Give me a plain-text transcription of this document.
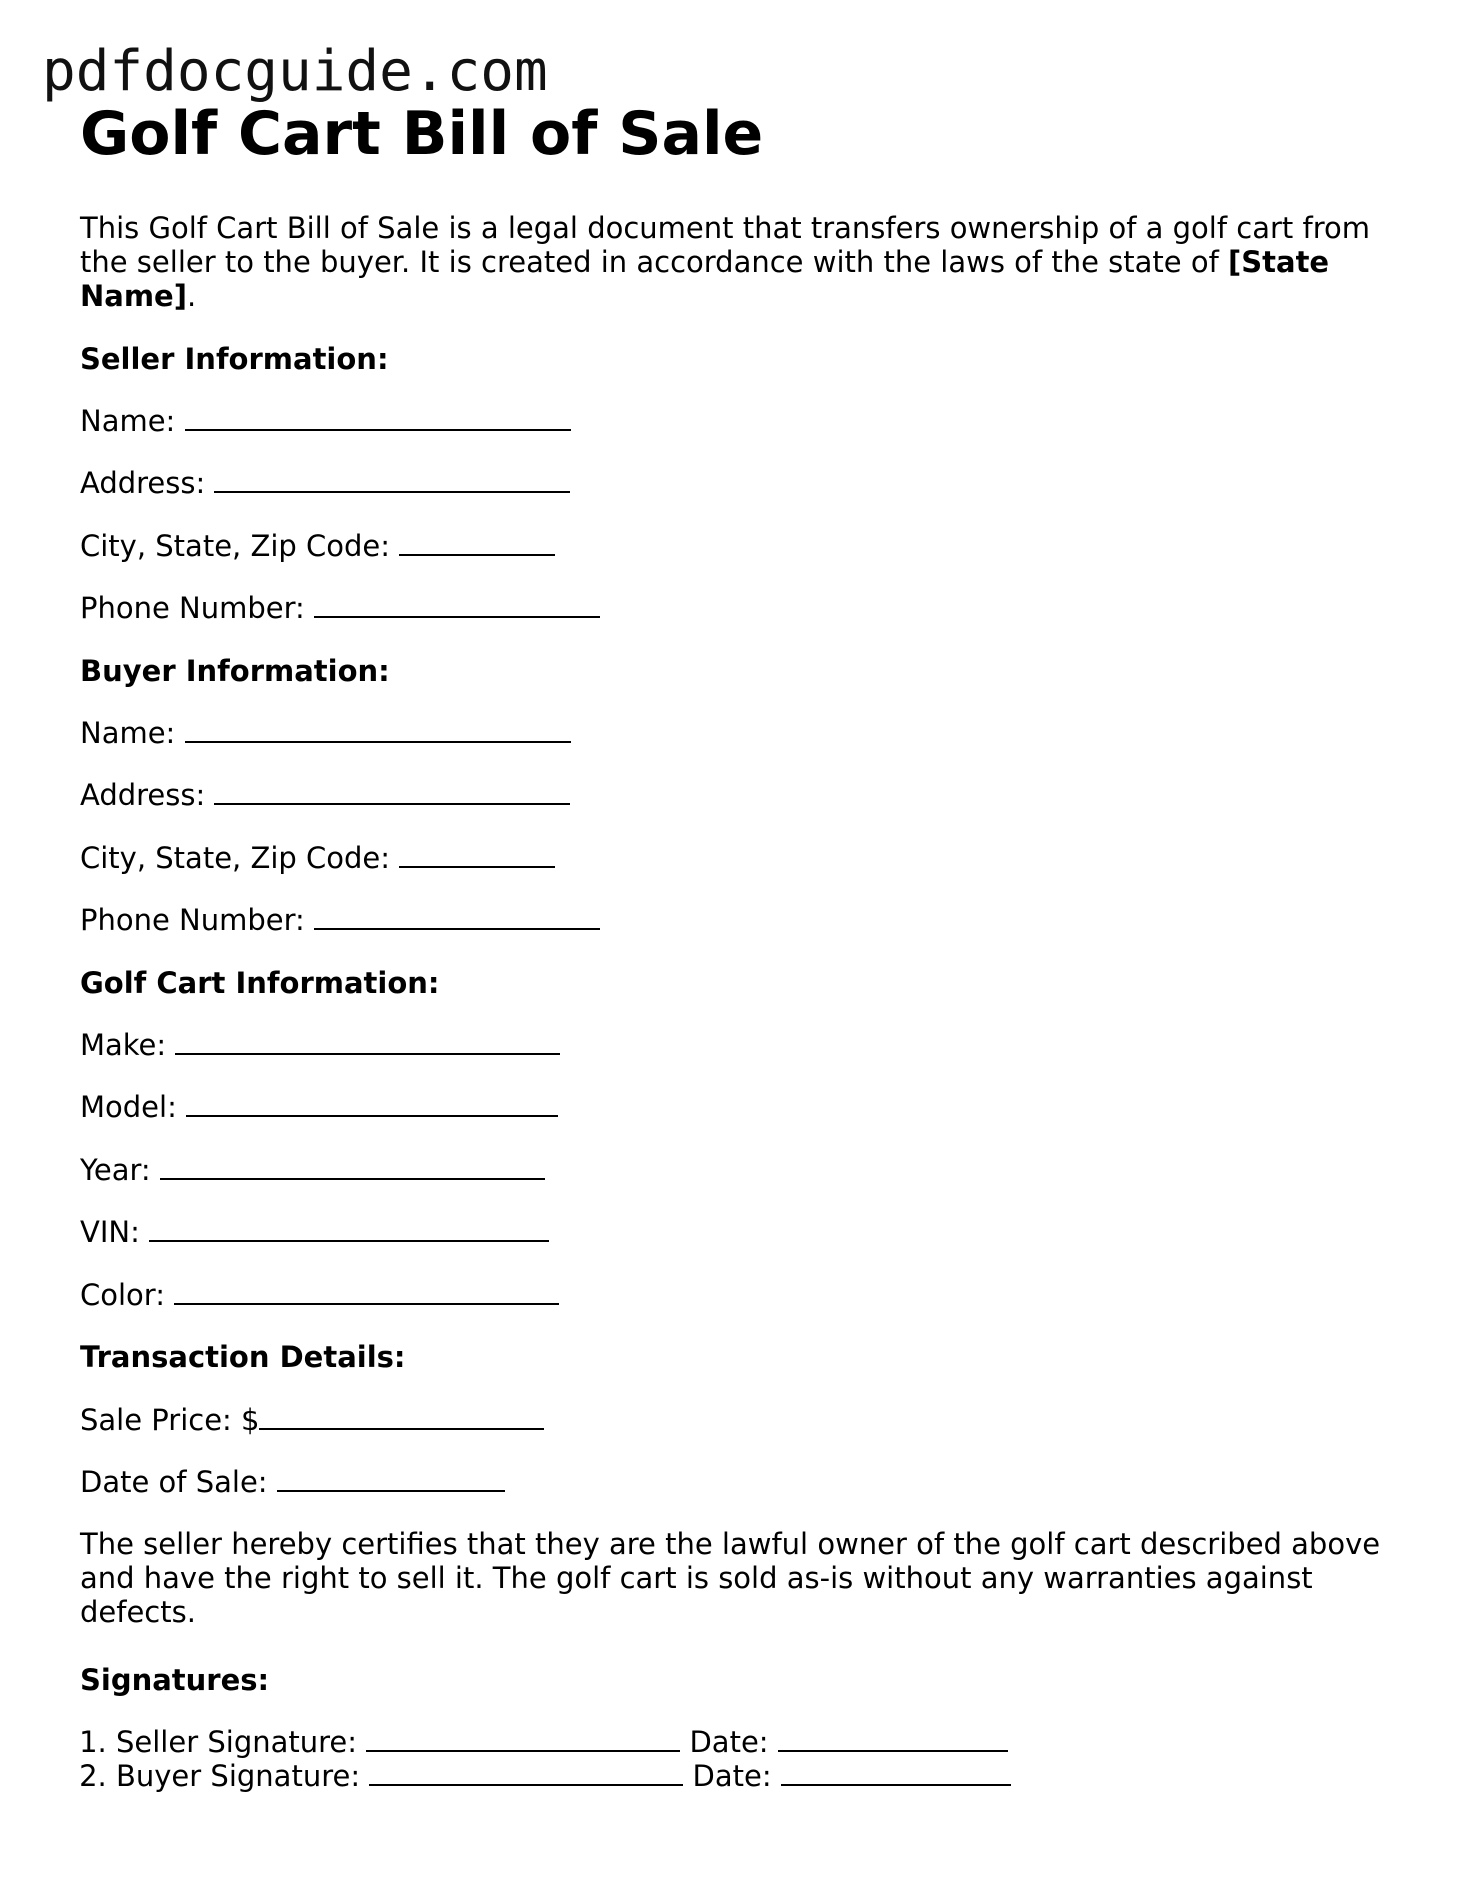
pdfdocguide.com
Golf Cart Bill of Sale
This Golf Cart Bill of Sale is a legal document that transfers ownership of a golf cart from
the seller to the buyer. It is created in accordance with the laws of the state of [State
Name].
Seller Information:
Name:
Address:
City, State, Zip Code:
Phone Number:
Buyer Information:
Name:
Address:
City, State, Zip Code:
Phone Number:
Golf Cart Information:
Make:
Model:
Year:
VIN:
Color:
Transaction Details:
Sale Price: $
Date of Sale:
The seller hereby certifies that they are the lawful owner of the golf cart described above
and have the right to sell it. The golf cart is sold as-is without any warranties against
defects.
Signatures:
1. Seller Signature:	Date:
2. Buyer Signature:	Date:
